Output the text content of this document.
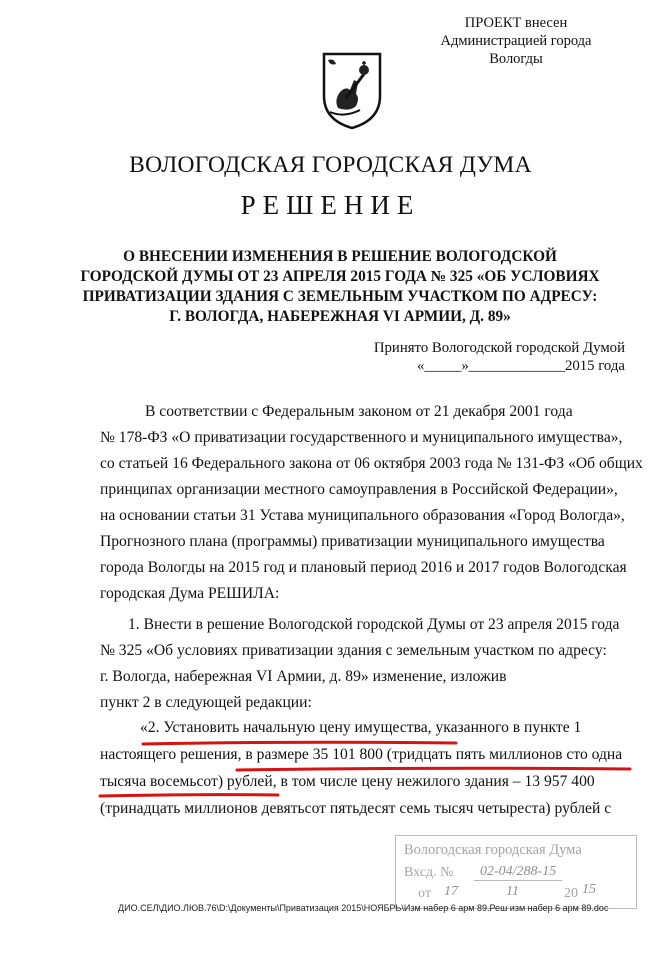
ПРОЕКТ внесен
Администрацией города
Вологды
ВОЛОГОДСКАЯ ГОРОДСКАЯ ДУМА
РЕШЕНИЕ
О ВНЕСЕНИИ ИЗМЕНЕНИЯ В РЕШЕНИЕ ВОЛОГОДСКОЙ
ГОРОДСКОЙ ДУМЫ ОТ 23 АПРЕЛЯ 2015 ГОДА № 325 «ОБ УСЛОВИЯХ
ПРИВАТИЗАЦИИ ЗДАНИЯ С ЗЕМЕЛЬНЫМ УЧАСТКОМ ПО АДРЕСУ:
Г. ВОЛОГДА, НАБЕРЕЖНАЯ VI АРМИИ, Д. 89»
Принято Вологодской городской Думой
«_____»_____________2015 года
В соответствии с Федеральным законом от 21 декабря 2001 года
№ 178-ФЗ «О приватизации государственного и муниципального имущества»,
со статьей 16 Федерального закона от 06 октября 2003 года № 131-ФЗ «Об общих
принципах организации местного самоуправления в Российской Федерации»,
на основании статьи 31 Устава муниципального образования «Город Вологда»,
Прогнозного плана (программы) приватизации муниципального имущества
города Вологды на 2015 год и плановый период 2016 и 2017 годов Вологодская
городская Дума РЕШИЛА:
1. Внести в решение Вологодской городской Думы от 23 апреля 2015 года
№ 325 «Об условиях приватизации здания с земельным участком по адресу:
г. Вологда, набережная VI Армии, д. 89» изменение, изложив
пункт 2 в следующей редакции:
«2. Установить начальную цену имущества, указанного в пункте 1
настоящего решения, в размере 35 101 800 (тридцать пять миллионов сто одна
тысяча восемьсот) рублей, в том числе цену нежилого здания – 13 957 400
(тринадцать миллионов девятьсот пятьдесят семь тысяч четыреста) рублей с
Вологодская городская Дума
Вхсд. №	02-04/288-15
от 17	11	20 15
ДИО.СЕЛ\ДИО.ЛЮВ.76\D:\Документы\Приватизация 2015\НОЯБРЬ\Изм набер 6 арм 89.Реш изм набер 6 арм 89.doc
